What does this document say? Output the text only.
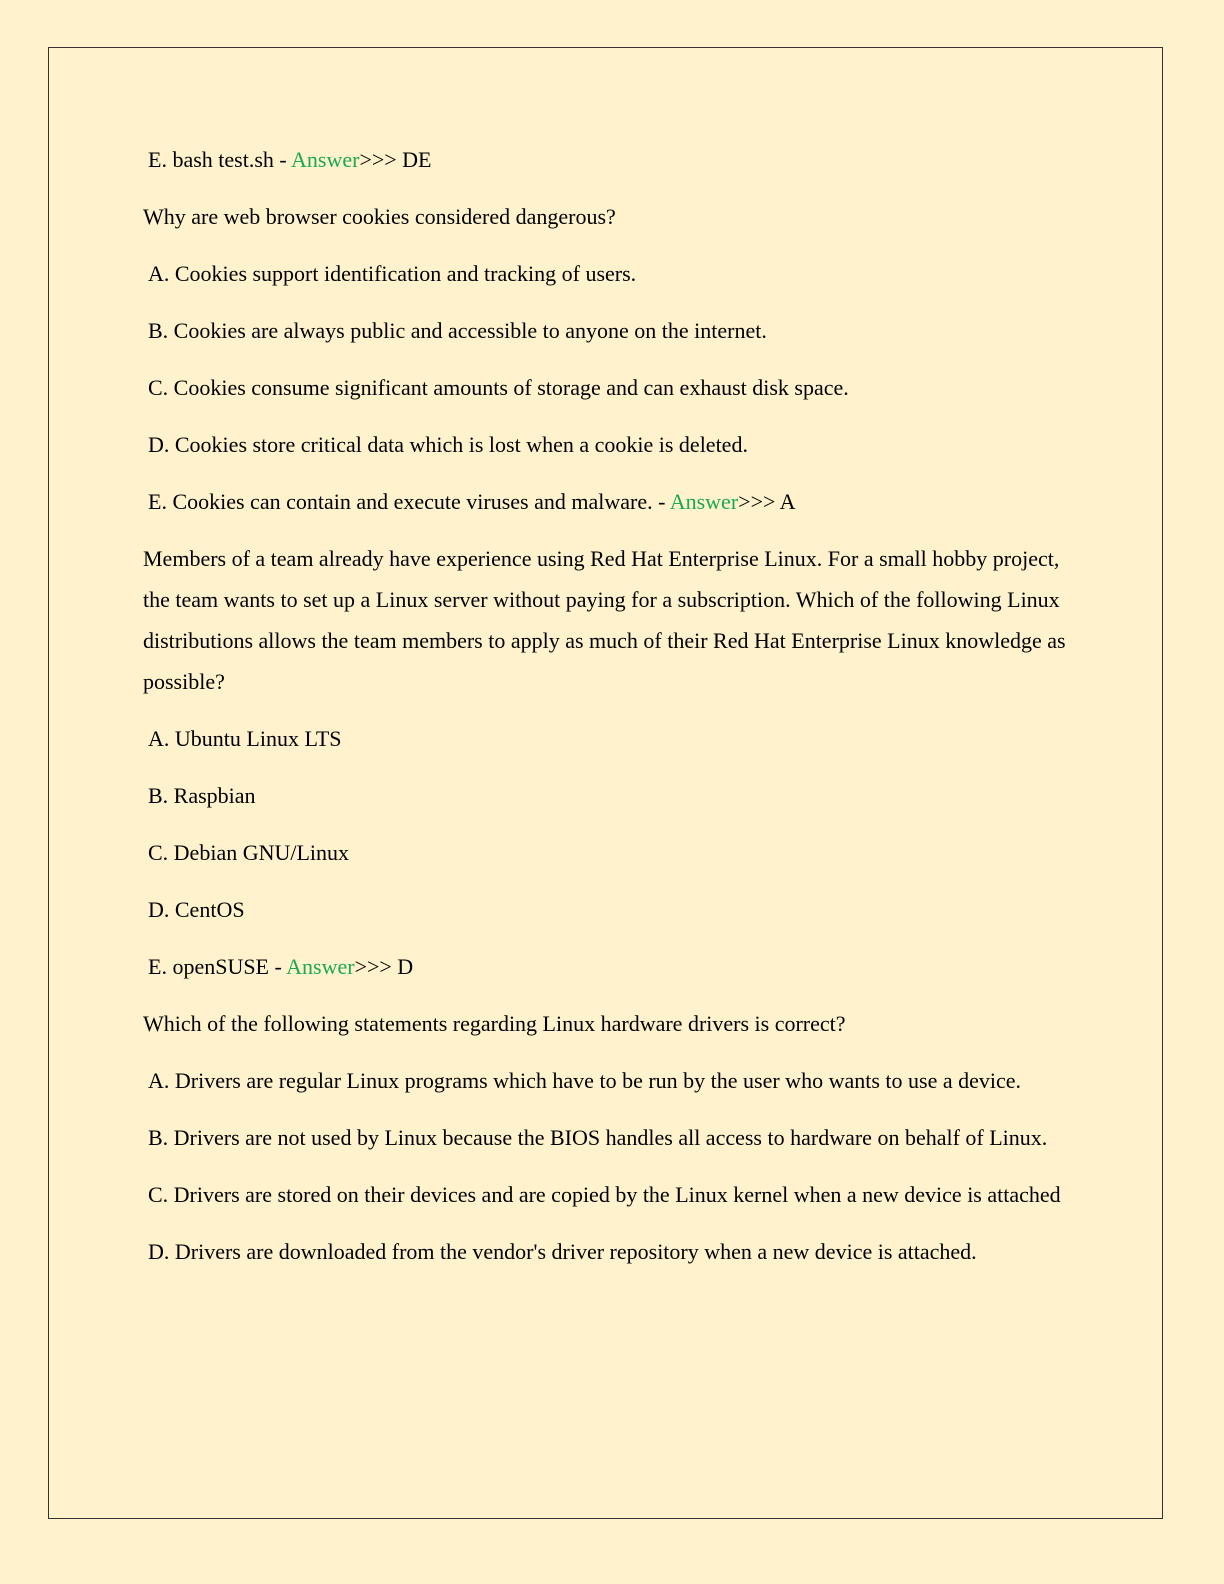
E. bash test.sh - Answer>>> DE

Why are web browser cookies considered dangerous?

A. Cookies support identification and tracking of users.

B. Cookies are always public and accessible to anyone on the internet.

C. Cookies consume significant amounts of storage and can exhaust disk space.

D. Cookies store critical data which is lost when a cookie is deleted.

E. Cookies can contain and execute viruses and malware. - Answer>>> A

Members of a team already have experience using Red Hat Enterprise Linux. For a small hobby project, the team wants to set up a Linux server without paying for a subscription. Which of the following Linux distributions allows the team members to apply as much of their Red Hat Enterprise Linux knowledge as possible?

A. Ubuntu Linux LTS

B. Raspbian

C. Debian GNU/Linux

D. CentOS

E. openSUSE - Answer>>> D

Which of the following statements regarding Linux hardware drivers is correct?

A. Drivers are regular Linux programs which have to be run by the user who wants to use a device.

B. Drivers are not used by Linux because the BIOS handles all access to hardware on behalf of Linux.

C. Drivers are stored on their devices and are copied by the Linux kernel when a new device is attached

D. Drivers are downloaded from the vendor's driver repository when a new device is attached.
